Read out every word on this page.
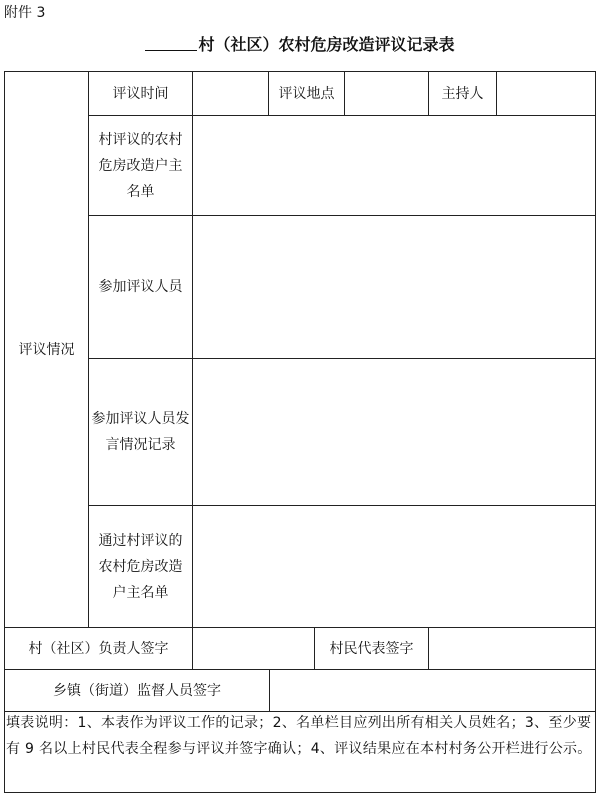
附件 3
村（社区）农村危房改造评议记录表
评议情况
评议时间	评议地点	主持人
村评议的农村危房改造户主名单
参加评议人员
参加评议人员发言情况记录
通过村评议的农村危房改造户主名单
村（社区）负责人签字	村民代表签字
乡镇（街道）监督人员签字
填表说明：1、本表作为评议工作的记录；2、名单栏目应列出所有相关人员姓名；3、至少要有 9 名以上村民代表全程参与评议并签字确认；4、评议结果应在本村村务公开栏进行公示。
